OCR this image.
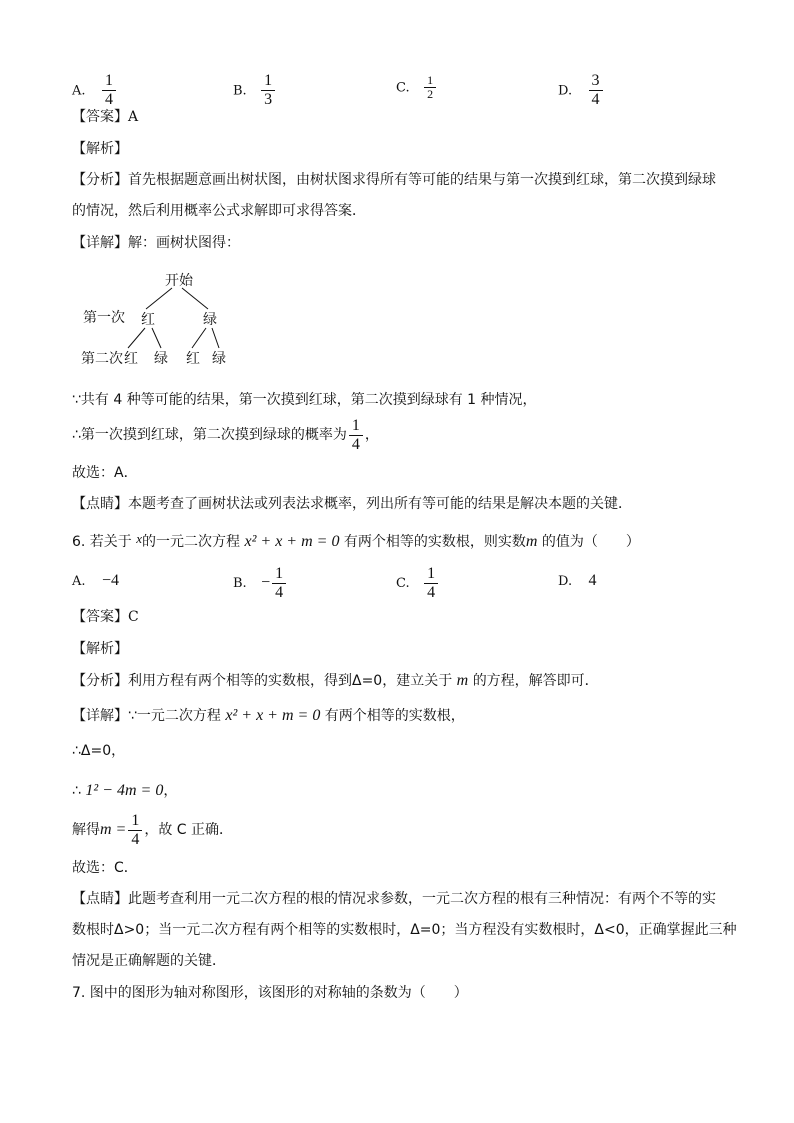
A. $\frac{1}{4}$	B. $\frac{1}{3}$	C. $\frac{1}{2}$	D. $\frac{3}{4}$
【答案】A
【解析】
【分析】首先根据题意画出树状图，由树状图求得所有等可能的结果与第一次摸到红球，第二次摸到绿球
的情况，然后利用概率公式求解即可求得答案．
【详解】解：画树状图得：
开始
第一次 红	绿
第二次 红 绿 红 绿
∵共有 4 种等可能的结果，第一次摸到红球，第二次摸到绿球有 1 种情况，
∴第一次摸到红球，第二次摸到绿球的概率为 $\frac{1}{4}$ ，
故选：A．
【点睛】本题考查了画树状法或列表法求概率，列出所有等可能的结果是解决本题的关键．
6. 若关于 x的一元二次方程 x² + x + m = 0 有两个相等的实数根，则实数m 的值为（　　）
A. −4	B. − $\frac{1}{4}$	C. $\frac{1}{4}$	D. 4
【答案】C
【解析】
【分析】利用方程有两个相等的实数根，得到Δ=0，建立关于 m 的方程，解答即可．
【详解】∵一元二次方程 x² + x + m = 0 有两个相等的实数根，
∴Δ=0，
∴ 1² − 4m = 0，
解得$m = \frac{1}{4}$ ，故 C 正确．
故选：C．
【点睛】此题考查利用一元二次方程的根的情况求参数，一元二次方程的根有三种情况：有两个不等的实
数根时Δ>0；当一元二次方程有两个相等的实数根时，Δ=0；当方程没有实数根时，Δ<0，正确掌握此三种
情况是正确解题的关键．
7. 图中的图形为轴对称图形，该图形的对称轴的条数为（　　）
